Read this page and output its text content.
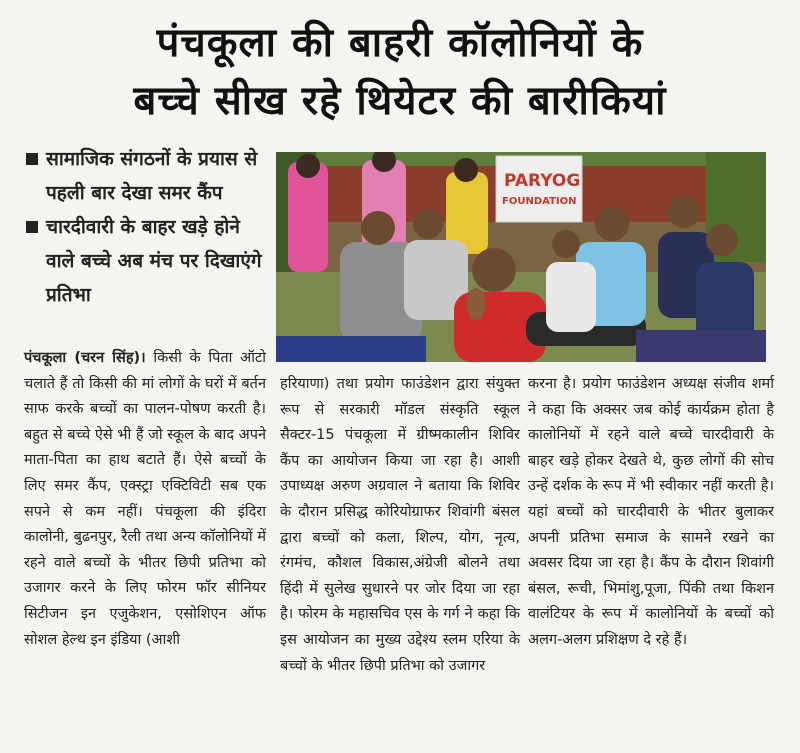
पंचकूला की बाहरी कॉलोनियों के
बच्चे सीख रहे थियेटर की बारीकियां
सामाजिक संगठनों के प्रयास से पहली बार देखा समर कैंप
चारदीवारी के बाहर खड़े होने वाले बच्चे अब मंच पर दिखाएंगे प्रतिभा
PARYOG
FOUNDATION
पंचकूला (चरन सिंह)। किसी के पिता ऑटो चलाते हैं तो किसी की मां लोगों के घरों में बर्तन साफ करके बच्चों का पालन-पोषण करती है। बहुत से बच्चे ऐसे भी हैं जो स्कूल के बाद अपने माता-पिता का हाथ बटाते हैं। ऐसे बच्चों के लिए समर कैंप, एक्स्ट्रा एक्टिविटी सब एक सपने से कम नहीं। पंचकूला की इंदिरा कालोनी, बुढनपुर, रैली तथा अन्य कॉलोनियों में रहने वाले बच्चों के भीतर छिपी प्रतिभा को उजागर करने के लिए फोरम फॉर सीनियर सिटीजन इन एजुकेशन, एसोशिएन ऑफ सोशल हेल्थ इन इंडिया (आशी
हरियाणा) तथा प्रयोग फाउंडेशन द्वारा संयुक्त रूप से सरकारी मॉडल संस्कृति स्कूल सैक्टर-15 पंचकूला में ग्रीष्मकालीन शिविर कैंप का आयोजन किया जा रहा है। आशी उपाध्यक्ष अरुण अग्रवाल ने बताया कि शिविर के दौरान प्रसिद्ध कोरियोग्राफर शिवांगी बंसल द्वारा बच्चों को कला, शिल्प, योग, नृत्य, रंगमंच, कौशल विकास,अंग्रेजी बोलने तथा हिंदी में सुलेख सुधारने पर जोर दिया जा रहा है। फोरम के महासचिव एस के गर्ग ने कहा कि इस आयोजन का मुख्य उद्देश्य स्लम एरिया के बच्चों के भीतर छिपी प्रतिभा को उजागर
करना है। प्रयोग फाउंडेशन अध्यक्ष संजीव शर्मा ने कहा कि अक्सर जब कोई कार्यक्रम होता है कालोनियों में रहने वाले बच्चे चारदीवारी के बाहर खड़े होकर देखते थे, कुछ लोगों की सोच उन्हें दर्शक के रूप में भी स्वीकार नहीं करती है। यहां बच्चों को चारदीवारी के भीतर बुलाकर अपनी प्रतिभा समाज के सामने रखने का अवसर दिया जा रहा है। कैंप के दौरान शिवांगी बंसल, रूची, भिमांशु,पूजा, पिंकी तथा किशन वालंटियर के रूप में कालोनियों के बच्चों को अलग-अलग प्रशिक्षण दे रहे हैं।
